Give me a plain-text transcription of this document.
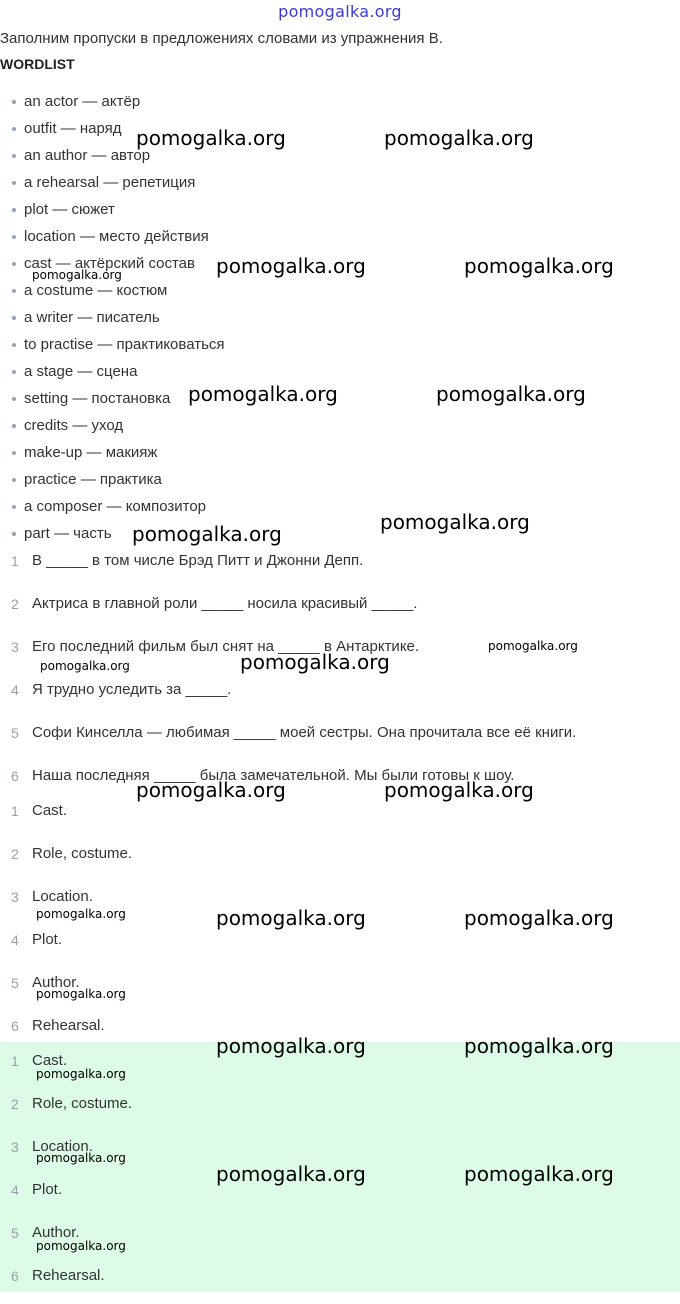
pomogalka.org
Заполним пропуски в предложениях словами из упражнения B.
WORDLIST
an actor — актёр
outfit — наряд
an author — автор
a rehearsal — репетиция
plot — сюжет
location — место действия
cast — актёрский состав
a costume — костюм
a writer — писатель
to practise — практиковаться
a stage — сцена
setting — постановка
credits — уход
make-up — макияж
practice — практика
a composer — композитор
part — часть
1 В _____ в том числе Брэд Питт и Джонни Депп.
2 Актриса в главной роли _____ носила красивый _____.
3 Его последний фильм был снят на _____ в Антарктике.
4 Я трудно уследить за _____.
5 Софи Кинселла — любимая _____ моей сестры. Она прочитала все её книги.
6 Наша последняя _____ была замечательной. Мы были готовы к шоу.
1 Cast.
2 Role, costume.
3 Location.
4 Plot.
5 Author.
6 Rehearsal.
1 Cast.
2 Role, costume.
3 Location.
4 Plot.
5 Author.
6 Rehearsal.
pomogalka.org	pomogalka.org
pomogalka.org	pomogalka.org
pomogalka.org
pomogalka.org	pomogalka.org
pomogalka.org	pomogalka.org
pomogalka.org
pomogalka.org	pomogalka.org
pomogalka.org	pomogalka.org
pomogalka.org	pomogalka.org	pomogalka.org
pomogalka.org
pomogalka.org	pomogalka.org
pomogalka.org
pomogalka.org
pomogalka.org	pomogalka.org
pomogalka.org
